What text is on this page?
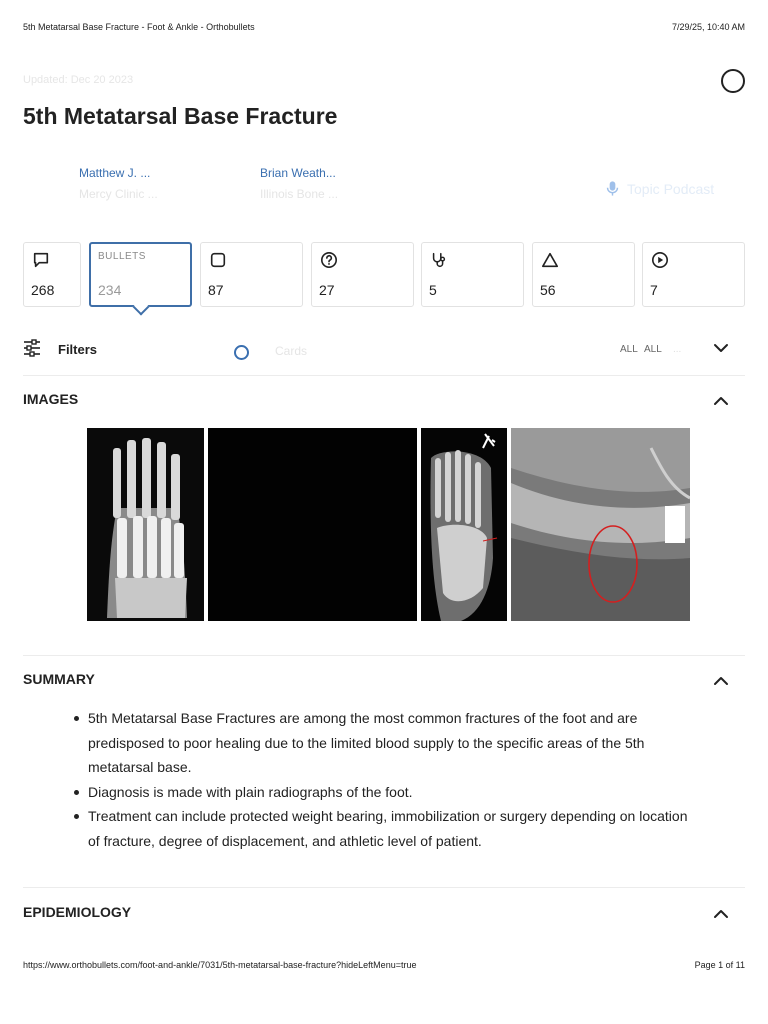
5th Metatarsal Base Fracture - Foot & Ankle - Orthobullets	7/29/25, 10:40 AM
Updated: Dec 20 2023
5th Metatarsal Base Fracture
Matthew J. ...
Mercy Clinic ...
Brian Weath...
Illinois Bone ...	Topic Podcast
268
BULLETS
234	87	27	5	56	7
Filters	Cards	ALL ALL ...
IMAGES
SUMMARY
5th Metatarsal Base Fractures are among the most common fractures of the foot and are predisposed to poor healing due to the limited blood supply to the specific areas of the 5th metatarsal base.
Diagnosis is made with plain radiographs of the foot.
Treatment can include protected weight bearing, immobilization or surgery depending on location of fracture, degree of displacement, and athletic level of patient.
EPIDEMIOLOGY
https://www.orthobullets.com/foot-and-ankle/7031/5th-metatarsal-base-fracture?hideLeftMenu=true	Page 1 of 11
